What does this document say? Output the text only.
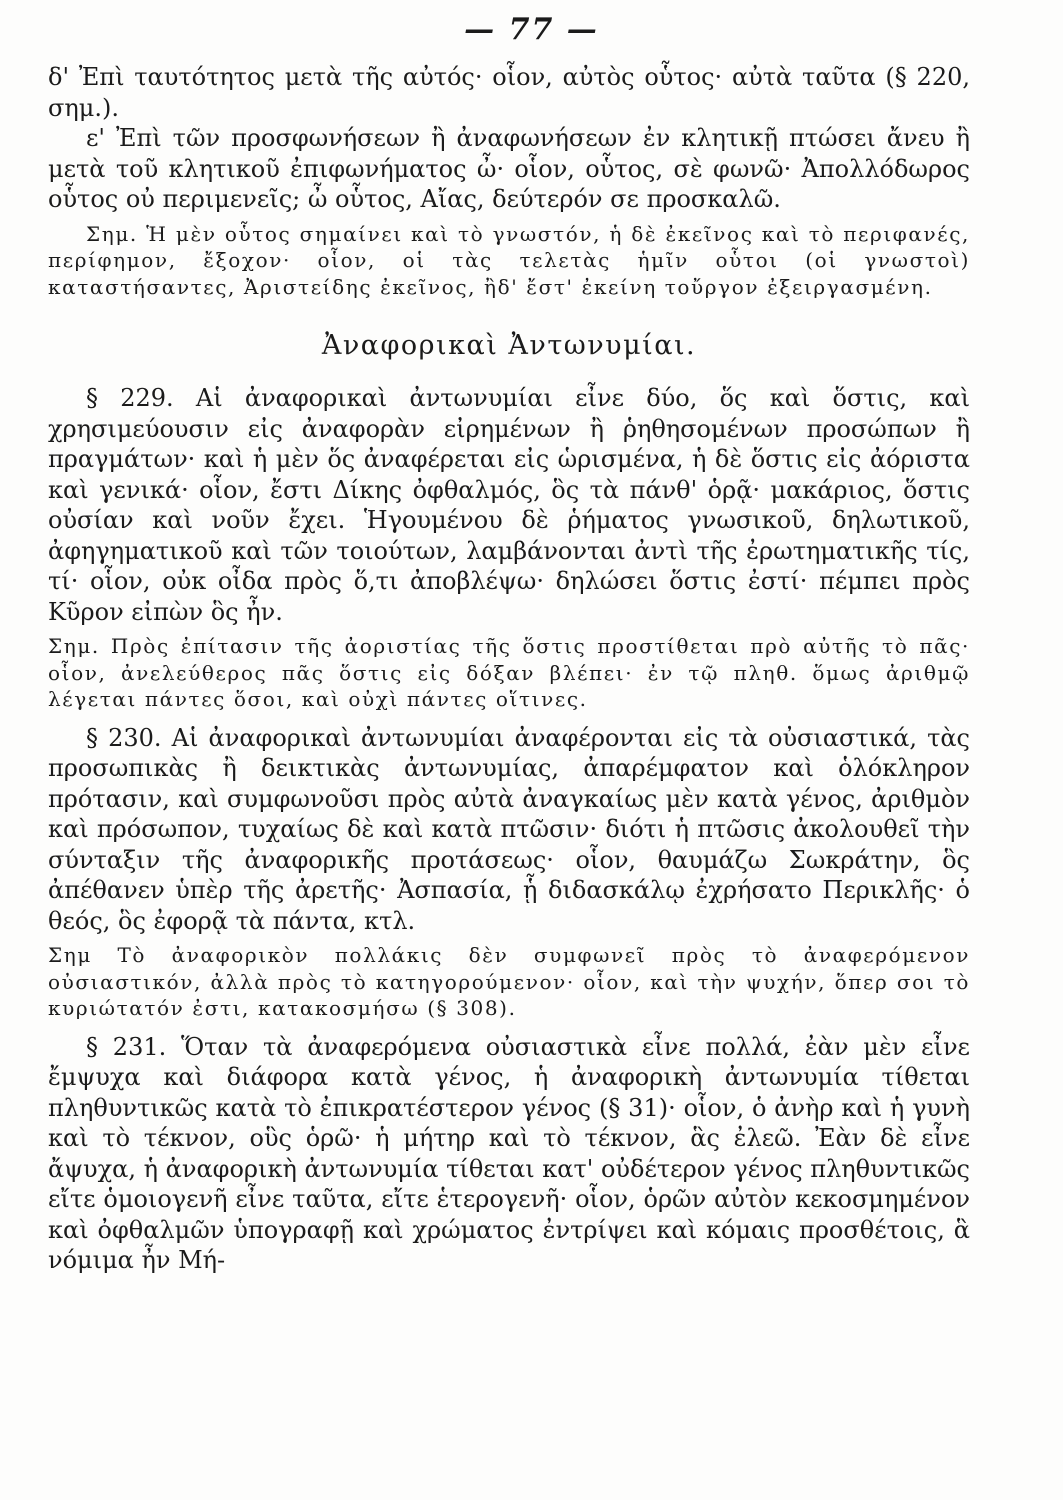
— 77 —

δ' Ἐπὶ ταυτότητος μετὰ τῆς αὐτός· οἷον, αὐτὸς οὗτος· αὐτὰ ταῦτα (§ 220, σημ.).

ε' Ἐπὶ τῶν προσφωνήσεων ἢ ἀναφωνήσεων ἐν κλητικῇ πτώσει ἄνευ ἢ μετὰ τοῦ κλητικοῦ ἐπιφωνήματος ὦ· οἷον, οὗτος, σὲ φωνῶ· Ἀπολλόδωρος οὗτος οὐ περιμενεῖς; ὦ οὗτος, Αἴας, δεύτερόν σε προσκαλῶ.

Σημ. Ἡ μὲν οὗτος σημαίνει καὶ τὸ γνωστόν, ἡ δὲ ἐκεῖνος καὶ τὸ περιφανές, περίφημον, ἔξοχον· οἷον, οἱ τὰς τελετὰς ἡμῖν οὗτοι (οἱ γνωστοὶ) καταστήσαντες, Ἀριστείδης ἐκεῖνος, ἢδ' ἔστ' ἐκείνη τοὔργον ἐξειργασμένη.

Ἀναφορικαὶ Ἀντωνυμίαι.

§ 229. Αἱ ἀναφορικαὶ ἀντωνυμίαι εἶνε δύο, ὅς καὶ ὅστις, καὶ χρησιμεύουσιν εἰς ἀναφορὰν εἰρημένων ἢ ῥηθησομένων προσώπων ἢ πραγμάτων· καὶ ἡ μὲν ὅς ἀναφέρεται εἰς ὡρισμένα, ἡ δὲ ὅστις εἰς ἀόριστα καὶ γενικά· οἷον, ἔστι Δίκης ὀφθαλμός, ὃς τὰ πάνθ' ὁρᾷ· μακάριος, ὅστις οὐσίαν καὶ νοῦν ἔχει. Ἡγουμένου δὲ ῥήματος γνωσικοῦ, δηλωτικοῦ, ἀφηγηματικοῦ καὶ τῶν τοιούτων, λαμβάνονται ἀντὶ τῆς ἐρωτηματικῆς τίς, τί· οἷον, οὐκ οἶδα πρὸς ὅ,τι ἀποβλέψω· δηλώσει ὅστις ἐστί· πέμπει πρὸς Κῦρον εἰπὼν ὃς ἦν.

Σημ. Πρὸς ἐπίτασιν τῆς ἀοριστίας τῆς ὅστις προστίθεται πρὸ αὐτῆς τὸ πᾶς· οἷον, ἀνελεύθερος πᾶς ὅστις εἰς δόξαν βλέπει· ἐν τῷ πληθ. ὅμως ἀριθμῷ λέγεται πάντες ὅσοι, καὶ οὐχὶ πάντες οἵτινες.

§ 230. Αἱ ἀναφορικαὶ ἀντωνυμίαι ἀναφέρονται εἰς τὰ οὐσιαστικά, τὰς προσωπικὰς ἢ δεικτικὰς ἀντωνυμίας, ἀπαρέμφατον καὶ ὁλόκληρον πρότασιν, καὶ συμφωνοῦσι πρὸς αὐτὰ ἀναγκαίως μὲν κατὰ γένος, ἀριθμὸν καὶ πρόσωπον, τυχαίως δὲ καὶ κατὰ πτῶσιν· διότι ἡ πτῶσις ἀκολουθεῖ τὴν σύνταξιν τῆς ἀναφορικῆς προτάσεως· οἷον, θαυμάζω Σωκράτην, ὃς ἀπέθανεν ὑπὲρ τῆς ἀρετῆς· Ἀσπασία, ᾗ διδασκάλῳ ἐχρήσατο Περικλῆς· ὁ θεός, ὃς ἐφορᾷ τὰ πάντα, κτλ.

Σημ Τὸ ἀναφορικὸν πολλάκις δὲν συμφωνεῖ πρὸς τὸ ἀναφερόμενον οὐσιαστικόν, ἀλλὰ πρὸς τὸ κατηγορούμενον· οἷον, καὶ τὴν ψυχήν, ὅπερ σοι τὸ κυριώτατόν ἐστι, κατακοσμήσω (§ 308).

§ 231. Ὅταν τὰ ἀναφερόμενα οὐσιαστικὰ εἶνε πολλά, ἐὰν μὲν εἶνε ἔμψυχα καὶ διάφορα κατὰ γένος, ἡ ἀναφορικὴ ἀντωνυμία τίθεται πληθυντικῶς κατὰ τὸ ἐπικρατέστερον γένος (§ 31)· οἷον, ὁ ἀνὴρ καὶ ἡ γυνὴ καὶ τὸ τέκνον, οὓς ὁρῶ· ἡ μήτηρ καὶ τὸ τέκνον, ἃς ἐλεῶ. Ἐὰν δὲ εἶνε ἄψυχα, ἡ ἀναφορικὴ ἀντωνυμία τίθεται κατ' οὐδέτερον γένος πληθυντικῶς εἴτε ὁμοιογενῆ εἶνε ταῦτα, εἴτε ἑτερογενῆ· οἷον, ὁρῶν αὐτὸν κεκοσμημένον καὶ ὀφθαλμῶν ὑπογραφῇ καὶ χρώματος ἐντρίψει καὶ κόμαις προσθέτοις, ἃ νόμιμα ἦν Μή-
